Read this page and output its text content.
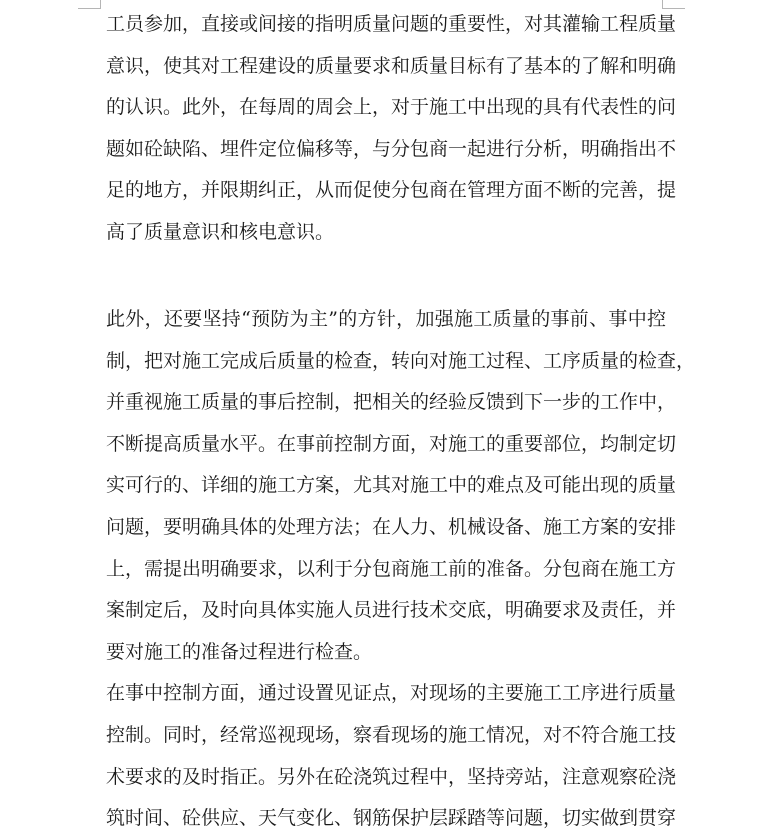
工员参加，直接或间接的指明质量问题的重要性，对其灌输工程质量
意识，使其对工程建设的质量要求和质量目标有了基本的了解和明确
的认识。此外，在每周的周会上，对于施工中出现的具有代表性的问
题如砼缺陷、埋件定位偏移等，与分包商一起进行分析，明确指出不
足的地方，并限期纠正，从而促使分包商在管理方面不断的完善，提
高了质量意识和核电意识。

此外，还要坚持“预防为主”的方针，加强施工质量的事前、事中控
制，把对施工完成后质量的检查，转向对施工过程、工序质量的检查，
并重视施工质量的事后控制，把相关的经验反馈到下一步的工作中，
不断提高质量水平。在事前控制方面，对施工的重要部位，均制定切
实可行的、详细的施工方案，尤其对施工中的难点及可能出现的质量
问题，要明确具体的处理方法；在人力、机械设备、施工方案的安排
上，需提出明确要求，以利于分包商施工前的准备。分包商在施工方
案制定后，及时向具体实施人员进行技术交底，明确要求及责任，并
要对施工的准备过程进行检查。

在事中控制方面，通过设置见证点，对现场的主要施工工序进行质量
控制。同时，经常巡视现场，察看现场的施工情况，对不符合施工技
术要求的及时指正。另外在砼浇筑过程中，坚持旁站，注意观察砼浇
筑时间、砼供应、天气变化、钢筋保护层踩踏等问题，切实做到贯穿
